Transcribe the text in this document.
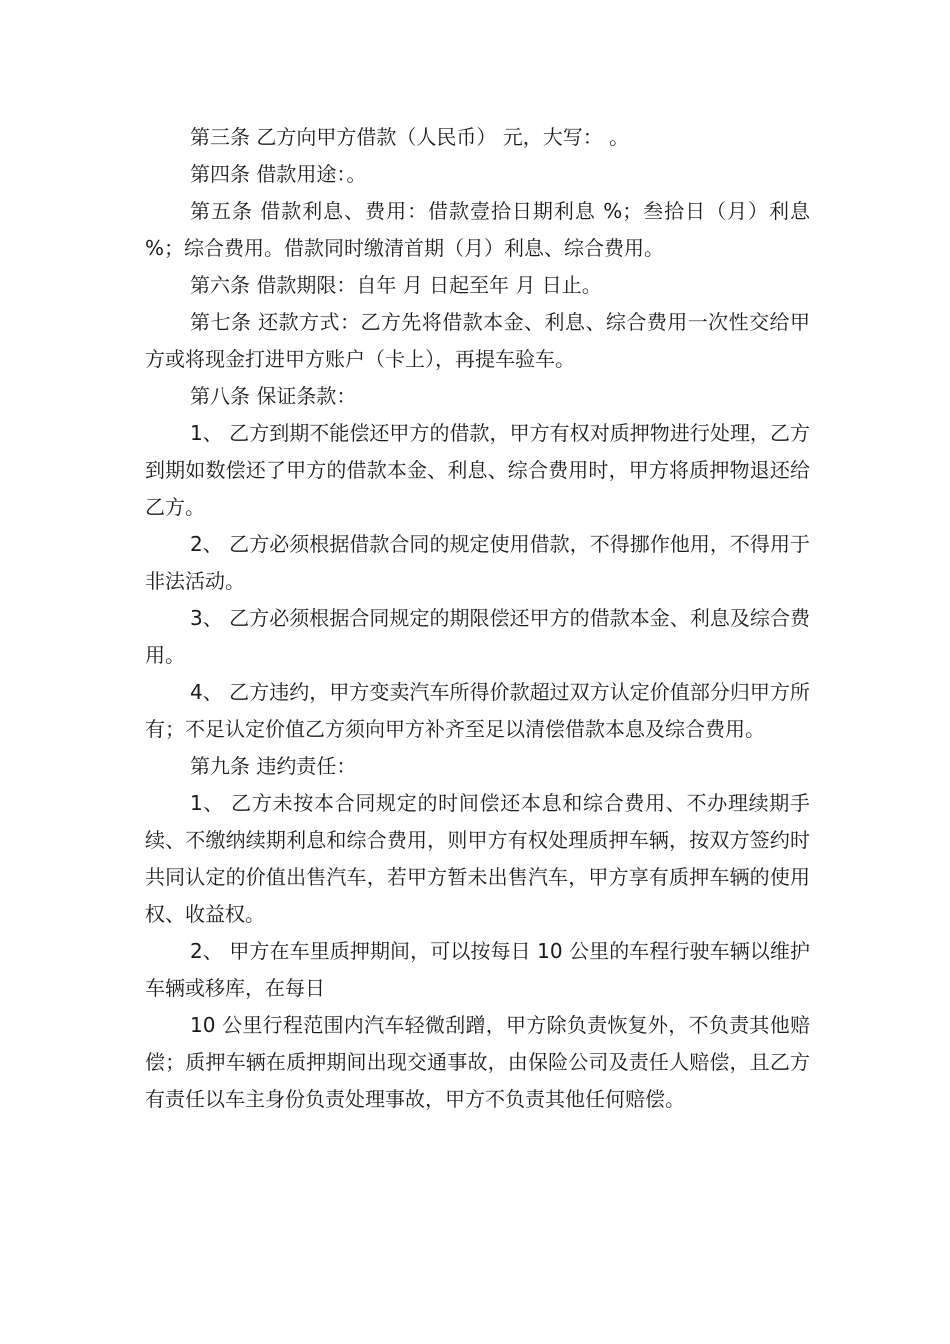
第三条 乙方向甲方借款（人民币） 元，大写： 。

第四条 借款用途：。

第五条 借款利息、费用：借款壹拾日期利息 %；叁拾日（月）利息 %；综合费用。借款同时缴清首期（月）利息、综合费用。

第六条 借款期限：自年 月 日起至年 月 日止。

第七条 还款方式：乙方先将借款本金、利息、综合费用一次性交给甲方或将现金打进甲方账户（卡上），再提车验车。

第八条 保证条款：

1、 乙方到期不能偿还甲方的借款，甲方有权对质押物进行处理，乙方到期如数偿还了甲方的借款本金、利息、综合费用时，甲方将质押物退还给乙方。

2、 乙方必须根据借款合同的规定使用借款，不得挪作他用，不得用于非法活动。

3、 乙方必须根据合同规定的期限偿还甲方的借款本金、利息及综合费用。

4、 乙方违约，甲方变卖汽车所得价款超过双方认定价值部分归甲方所有；不足认定价值乙方须向甲方补齐至足以清偿借款本息及综合费用。

第九条 违约责任：

1、 乙方未按本合同规定的时间偿还本息和综合费用、不办理续期手续、不缴纳续期利息和综合费用，则甲方有权处理质押车辆，按双方签约时共同认定的价值出售汽车，若甲方暂未出售汽车，甲方享有质押车辆的使用权、收益权。

2、 甲方在车里质押期间，可以按每日 10 公里的车程行驶车辆以维护车辆或移库，在每日

10 公里行程范围内汽车轻微刮蹭，甲方除负责恢复外，不负责其他赔偿；质押车辆在质押期间出现交通事故，由保险公司及责任人赔偿，且乙方有责任以车主身份负责处理事故，甲方不负责其他任何赔偿。
